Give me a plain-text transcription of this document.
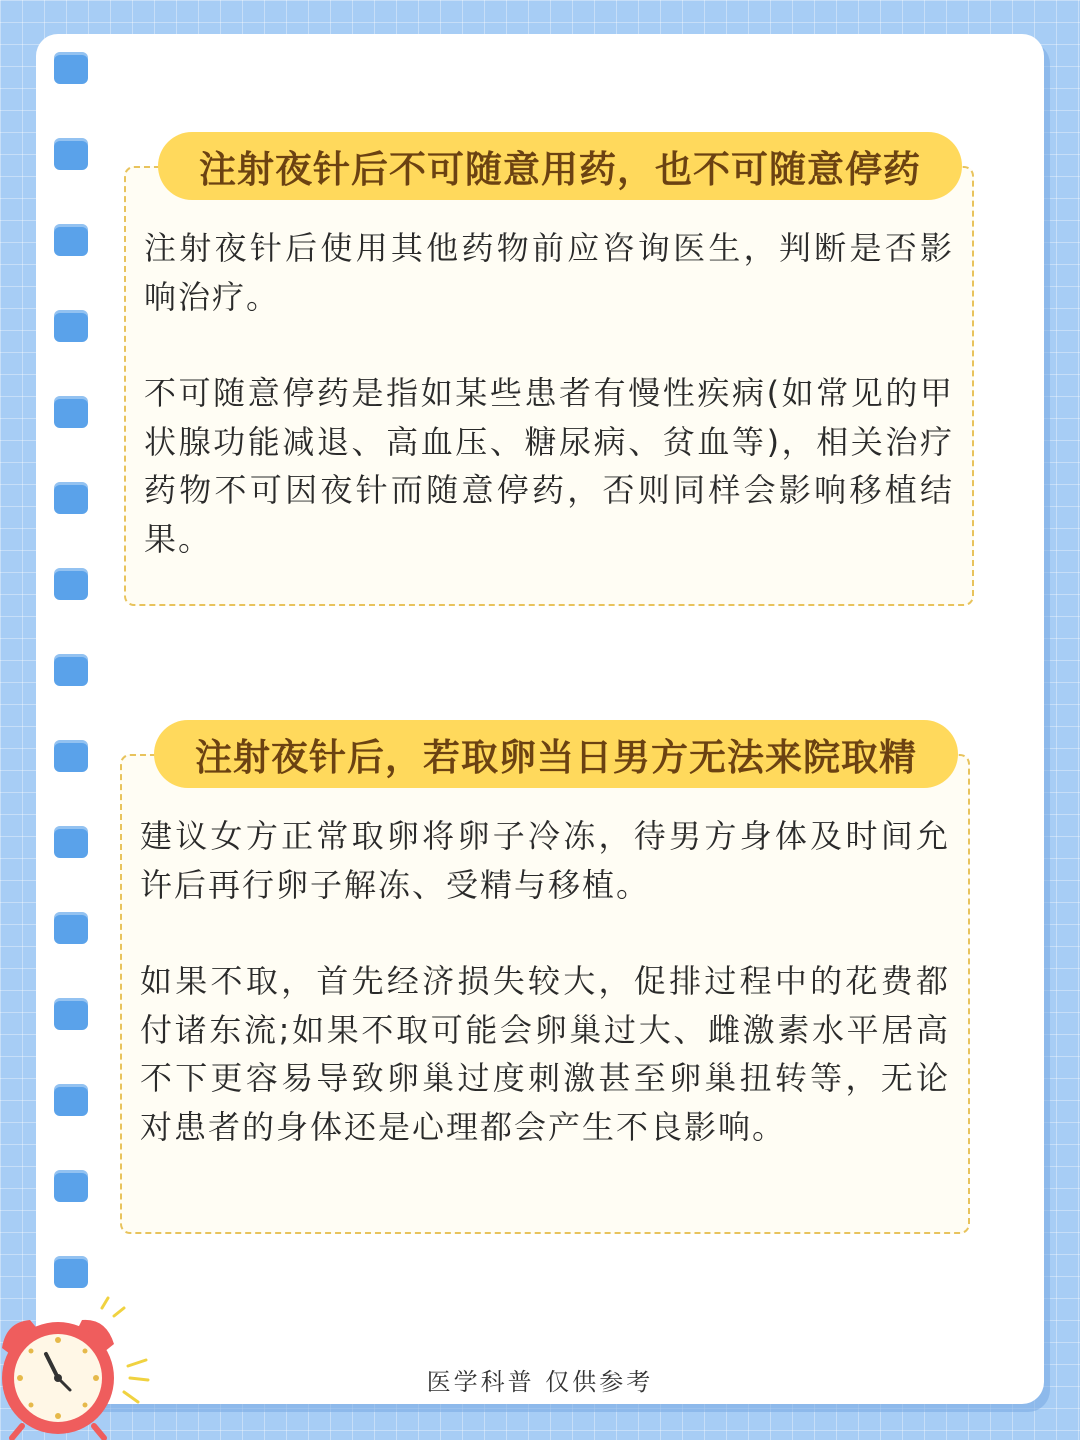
注射夜针后不可随意用药，也不可随意停药

注射夜针后使用其他药物前应咨询医生，判断是否影响治疗。

不可随意停药是指如某些患者有慢性疾病(如常见的甲状腺功能减退、高血压、糖尿病、贫血等)，相关治疗药物不可因夜针而随意停药，否则同样会影响移植结果。

注射夜针后，若取卵当日男方无法来院取精

建议女方正常取卵将卵子冷冻，待男方身体及时间允许后再行卵子解冻、受精与移植。

如果不取，首先经济损失较大，促排过程中的花费都付诸东流;如果不取可能会卵巢过大、雌激素水平居高不下更容易导致卵巢过度刺激甚至卵巢扭转等，无论对患者的身体还是心理都会产生不良影响。

医学科普 仅供参考
